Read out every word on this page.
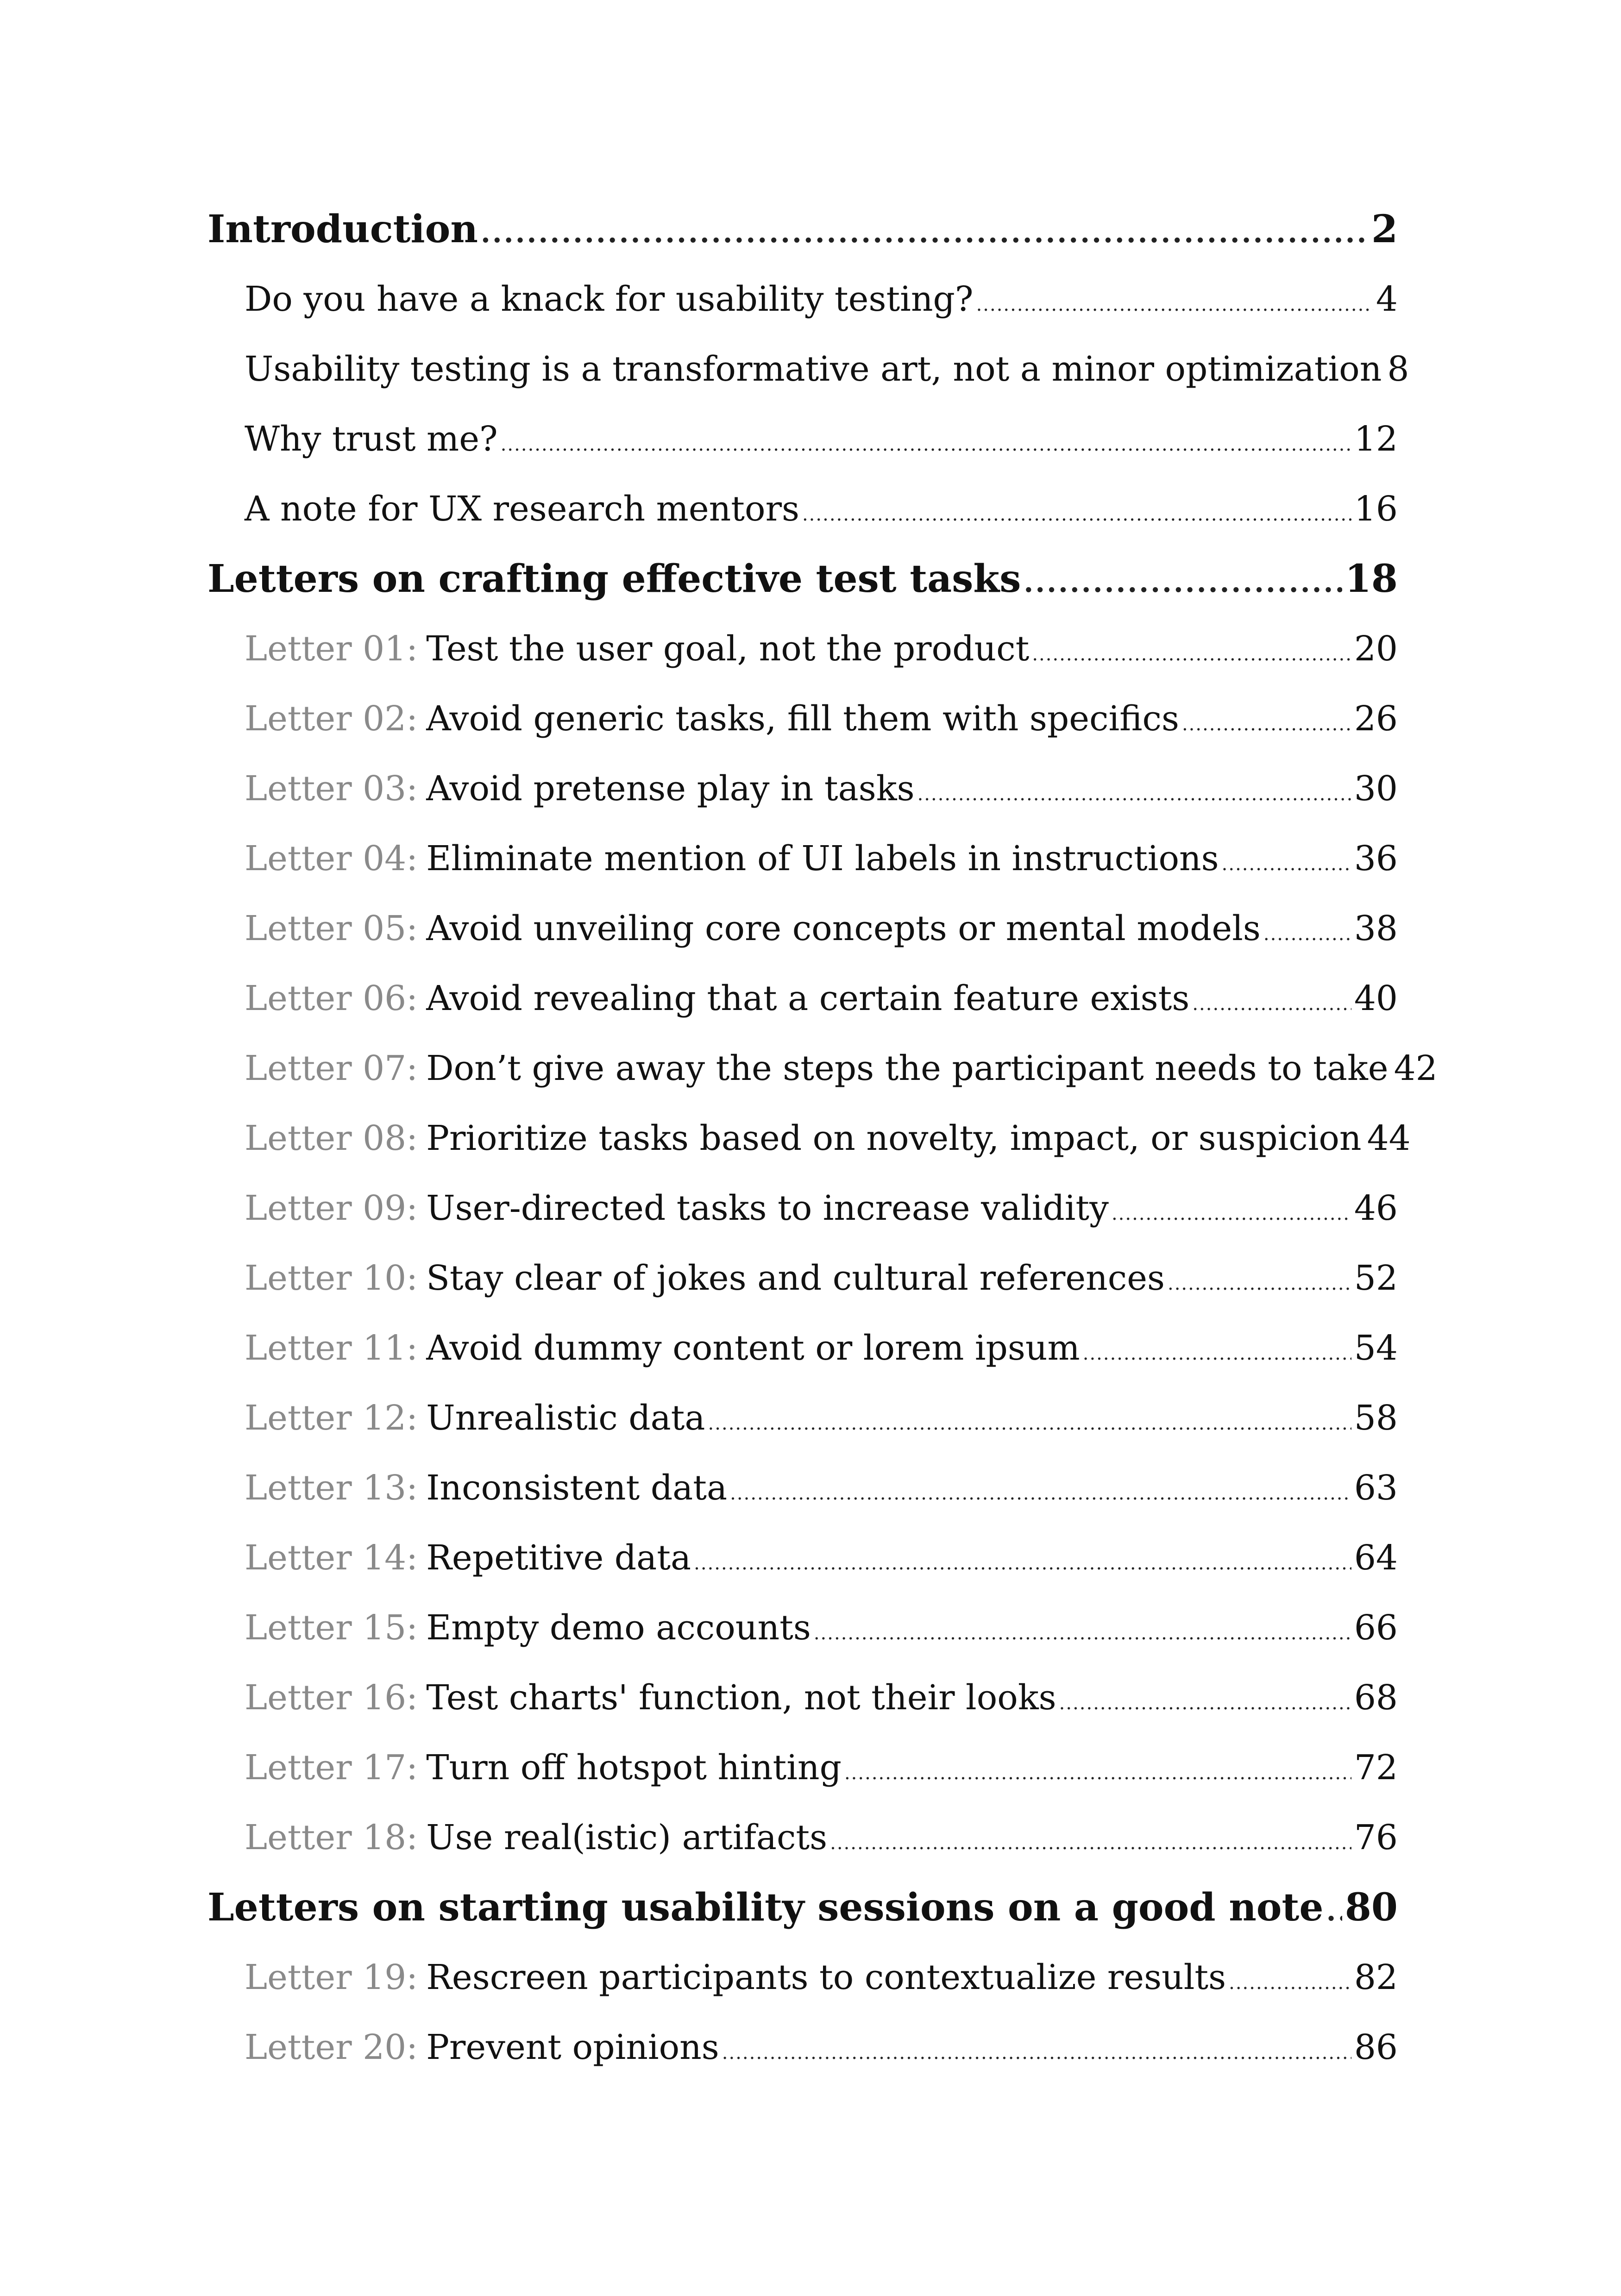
Introduction .....	2
Do you have a knack for usability testing? .....	4
Usability testing is a transformative art, not a minor optimization 8
Why trust me? .....	12
A note for UX research mentors .....	16
Letters on crafting effective test tasks .....	18
Letter 01: Test the user goal, not the product .....	20
Letter 02: Avoid generic tasks, fill them with specifics .....	26
Letter 03: Avoid pretense play in tasks .....	30
Letter 04: Eliminate mention of UI labels in instructions .....	36
Letter 05: Avoid unveiling core concepts or mental models .....	38
Letter 06: Avoid revealing that a certain feature exists .....	40
Letter 07: Don’t give away the steps the participant needs to take 42
Letter 08: Prioritize tasks based on novelty, impact, or suspicion 44
Letter 09: User-directed tasks to increase validity .....	46
Letter 10: Stay clear of jokes and cultural references .....	52
Letter 11: Avoid dummy content or lorem ipsum .....	54
Letter 12: Unrealistic data .....	58
Letter 13: Inconsistent data .....	63
Letter 14: Repetitive data .....	64
Letter 15: Empty demo accounts .....	66
Letter 16: Test charts' function, not their looks .....	68
Letter 17: Turn off hotspot hinting .....	72
Letter 18: Use real(istic) artifacts .....	76
Letters on starting usability sessions on a good note ..... 80
Letter 19: Rescreen participants to contextualize results .....	82
Letter 20: Prevent opinions .....	86
